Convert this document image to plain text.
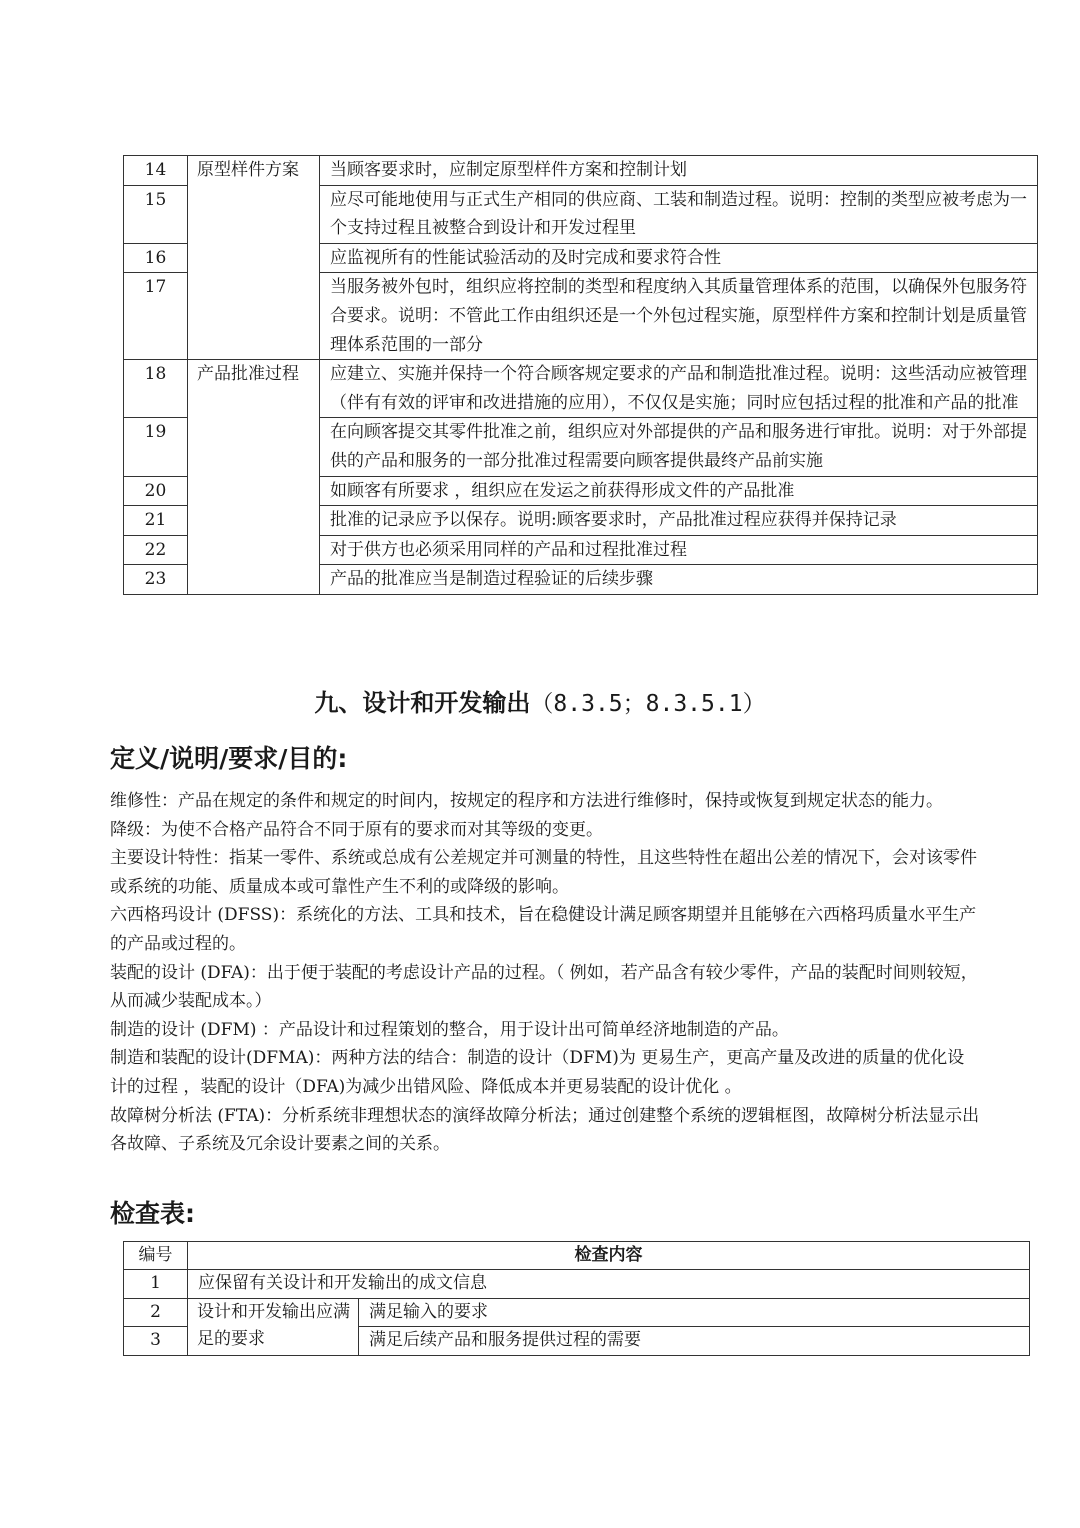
14	原型样件方案	当顾客要求时，应制定原型样件方案和控制计划
15		应尽可能地使用与正式生产相同的供应商、工装和制造过程。说明：控制的类型应被考虑为一个支持过程且被整合到设计和开发过程里
16		应监视所有的性能试验活动的及时完成和要求符合性
17		当服务被外包时，组织应将控制的类型和程度纳入其质量管理体系的范围，以确保外包服务符合要求。说明：不管此工作由组织还是一个外包过程实施，原型样件方案和控制计划是质量管理体系范围的一部分
18	产品批准过程	应建立、实施并保持一个符合顾客规定要求的产品和制造批准过程。说明：这些活动应被管理（伴有有效的评审和改进措施的应用），不仅仅是实施；同时应包括过程的批准和产品的批准
19		在向顾客提交其零件批准之前，组织应对外部提供的产品和服务进行审批。说明：对于外部提供的产品和服务的一部分批准过程需要向顾客提供最终产品前实施
20		如顾客有所要求 ，组织应在发运之前获得形成文件的产品批准
21		批准的记录应予以保存。说明:顾客要求时，产品批准过程应获得并保持记录
22		对于供方也必须采用同样的产品和过程批准过程
23		产品的批准应当是制造过程验证的后续步骤
九、设计和开发输出（8.3.5；8.3.5.1）
定义/说明/要求/目的:

维修性：产品在规定的条件和规定的时间内，按规定的程序和方法进行维修时，保持或恢复到规定状态的能力。

降级：为使不合格产品符合不同于原有的要求而对其等级的变更。

主要设计特性：指某一零件、系统或总成有公差规定并可测量的特性，且这些特性在超出公差的情况下，会对该零件或系统的功能、质量成本或可靠性产生不利的或降级的影响。

六西格玛设计 (DFSS)：系统化的方法、工具和技术，旨在稳健设计满足顾客期望并且能够在六西格玛质量水平生产的产品或过程的。

装配的设计 (DFA)：出于便于装配的考虑设计产品的过程。（ 例如，若产品含有较少零件，产品的装配时间则较短，从而减少装配成本。）

制造的设计 (DFM) ：产品设计和过程策划的整合，用于设计出可简单经济地制造的产品。

制造和装配的设计(DFMA)：两种方法的结合：制造的设计（DFM)为 更易生产，更高产量及改进的质量的优化设计的过程 ，装配的设计（DFA)为减少出错风险、降低成本并更易装配的设计优化 。

故障树分析法 (FTA)：分析系统非理想状态的演绎故障分析法；通过创建整个系统的逻辑框图，故障树分析法显示出各故障、子系统及冗余设计要素之间的关系。

检查表:
编号	检查内容	
1	应保留有关设计和开发输出的成文信息	
2	设计和开发输出应满足的要求	满足输入的要求
3		满足后续产品和服务提供过程的需要
